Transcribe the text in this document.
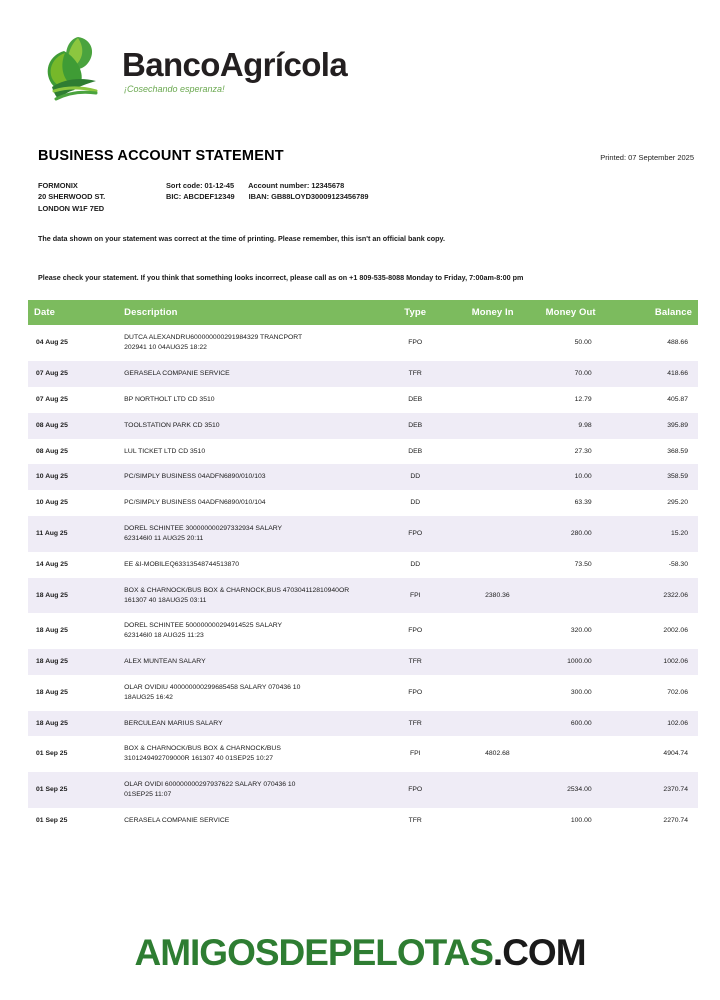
BancoAgrícola
¡Cosechando esperanza!
BUSINESS ACCOUNT STATEMENT	Printed: 07 September 2025
FORMONIX
20 SHERWOOD ST.
LONDON W1F 7ED
Sort code: 01-12-45 Account number: 12345678
BIC: ABCDEF12349 IBAN: GB88LOYD30009123456789
The data shown on your statement was correct at the time of printing. Please remember, this isn't an official bank copy.
Please check your statement. If you think that something looks incorrect, please call as on +1 809-535-8088 Monday to Friday, 7:00am-8:00 pm
Date	Description	Type	Money In	Money Out	Balance
04 Aug 25	DUTCA ALEXANDRU600000000291984329 TRANCPORT
202941 10 04AUG25 18:22	FPO		50.00	488.66
07 Aug 25	GERASELA COMPANIE SERVICE	TFR		70.00	418.66
07 Aug 25	BP NORTHOLT LTD CD 3510	DEB		12.79	405.87
08 Aug 25	TOOLSTATION PARK CD 3510	DEB		9.98	395.89
08 Aug 25	LUL TICKET LTD CD 3510	DEB		27.30	368.59
10 Aug 25	PC/SIMPLY BUSINESS 04ADFN6890/010/103	DD		10.00	358.59
10 Aug 25	PC/SIMPLY BUSINESS 04ADFN6890/010/104	DD		63.39	295.20
11 Aug 25	DOREL SCHINTEE 300000000297332934 SALARY
623146l0 11 AUG25 20:11	FPO		280.00	15.20
14 Aug 25	EE &I-MOBILEQ63313548744513870	DD		73.50	-58.30
18 Aug 25	BOX & CHARNOCK/BUS BOX & CHARNOCK,BUS 470304112810940OR
161307 40 18AUG25 03:11	FPI	2380.36		2322.06
18 Aug 25	DOREL SCHINTEE 500000000294914525 SALARY
623146l0 18 AUG25 11:23	FPO		320.00	2002.06
18 Aug 25	ALEX MUNTEAN SALARY	TFR		1000.00	1002.06
18 Aug 25	OLAR OVIDIU 400000000299685458 SALARY 070436 10
18AUG25 16:42	FPO		300.00	702.06
18 Aug 25	BERCULEAN MARIUS SALARY	TFR		600.00	102.06
01 Sep 25	BOX & CHARNOCK/BUS BOX & CHARNOCK/BUS
3101249492709000R 161307 40 01SEP25 10:27	FPI	4802.68		4904.74
01 Sep 25	OLAR OVIDI 600000000297937622 SALARY 070436 10
01SEP25 11:07	FPO		2534.00	2370.74
01 Sep 25	CERASELA COMPANIE SERVICE	TFR		100.00	2270.74
AMIGOSDEPELOTAS.COM
